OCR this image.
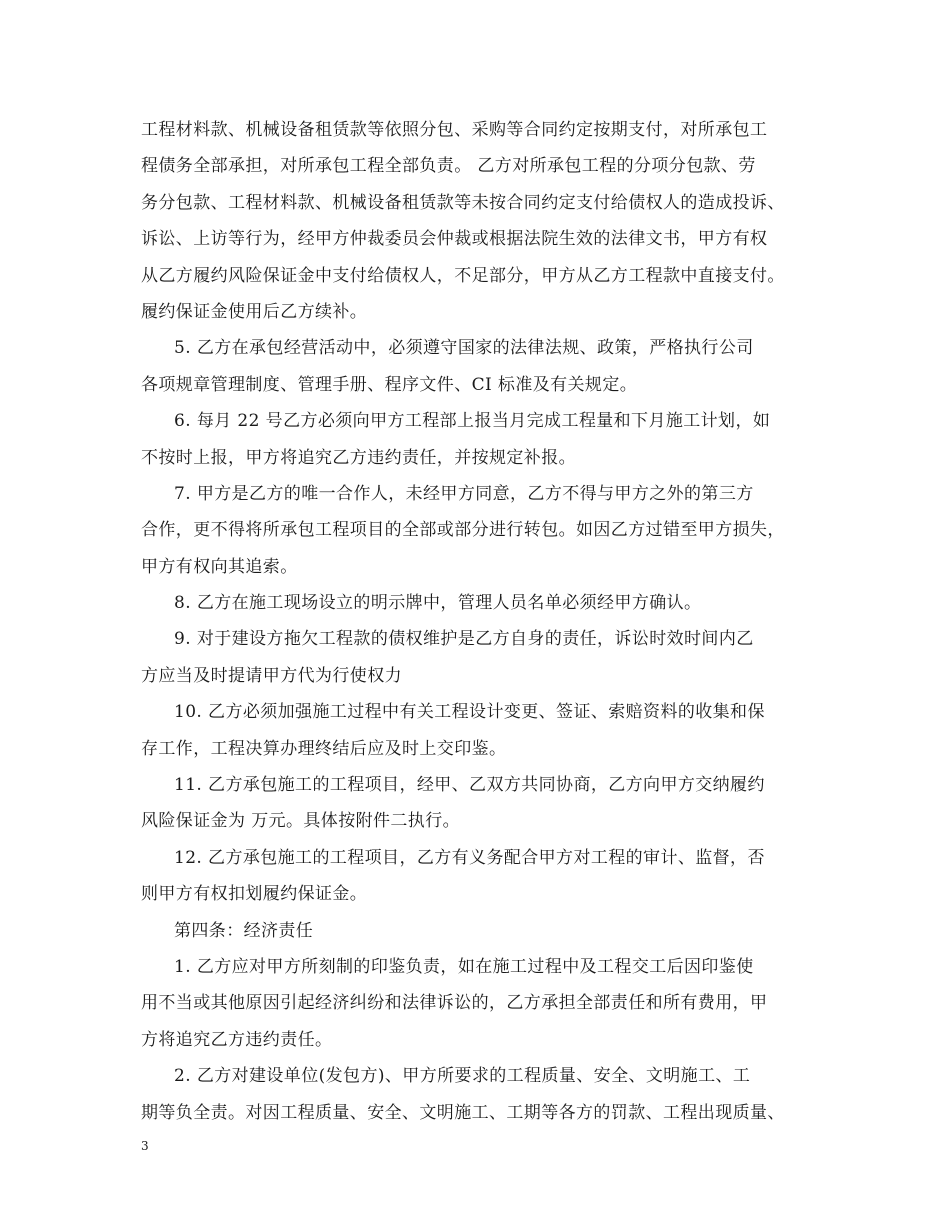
工程材料款、机械设备租赁款等依照分包、采购等合同约定按期支付，对所承包工
程债务全部承担，对所承包工程全部负责。 乙方对所承包工程的分项分包款、劳
务分包款、工程材料款、机械设备租赁款等未按合同约定支付给债权人的造成投诉、
诉讼、上访等行为，经甲方仲裁委员会仲裁或根据法院生效的法律文书，甲方有权
从乙方履约风险保证金中支付给债权人，不足部分，甲方从乙方工程款中直接支付。
履约保证金使用后乙方续补。
5. 乙方在承包经营活动中，必须遵守国家的法律法规、政策，严格执行公司
各项规章管理制度、管理手册、程序文件、CI 标准及有关规定。
6. 每月 22 号乙方必须向甲方工程部上报当月完成工程量和下月施工计划，如
不按时上报，甲方将追究乙方违约责任，并按规定补报。
7. 甲方是乙方的唯一合作人，未经甲方同意，乙方不得与甲方之外的第三方
合作，更不得将所承包工程项目的全部或部分进行转包。如因乙方过错至甲方损失，
甲方有权向其追索。
8. 乙方在施工现场设立的明示牌中，管理人员名单必须经甲方确认。
9. 对于建设方拖欠工程款的债权维护是乙方自身的责任，诉讼时效时间内乙
方应当及时提请甲方代为行使权力
10. 乙方必须加强施工过程中有关工程设计变更、签证、索赔资料的收集和保
存工作，工程决算办理终结后应及时上交印鉴。
11. 乙方承包施工的工程项目，经甲、乙双方共同协商，乙方向甲方交纳履约
风险保证金为 万元。具体按附件二执行。
12. 乙方承包施工的工程项目，乙方有义务配合甲方对工程的审计、监督，否
则甲方有权扣划履约保证金。
第四条：经济责任
1. 乙方应对甲方所刻制的印鉴负责，如在施工过程中及工程交工后因印鉴使
用不当或其他原因引起经济纠纷和法律诉讼的，乙方承担全部责任和所有费用，甲
方将追究乙方违约责任。
2. 乙方对建设单位(发包方)、甲方所要求的工程质量、安全、文明施工、工
期等负全责。对因工程质量、安全、文明施工、工期等各方的罚款、工程出现质量、
3
